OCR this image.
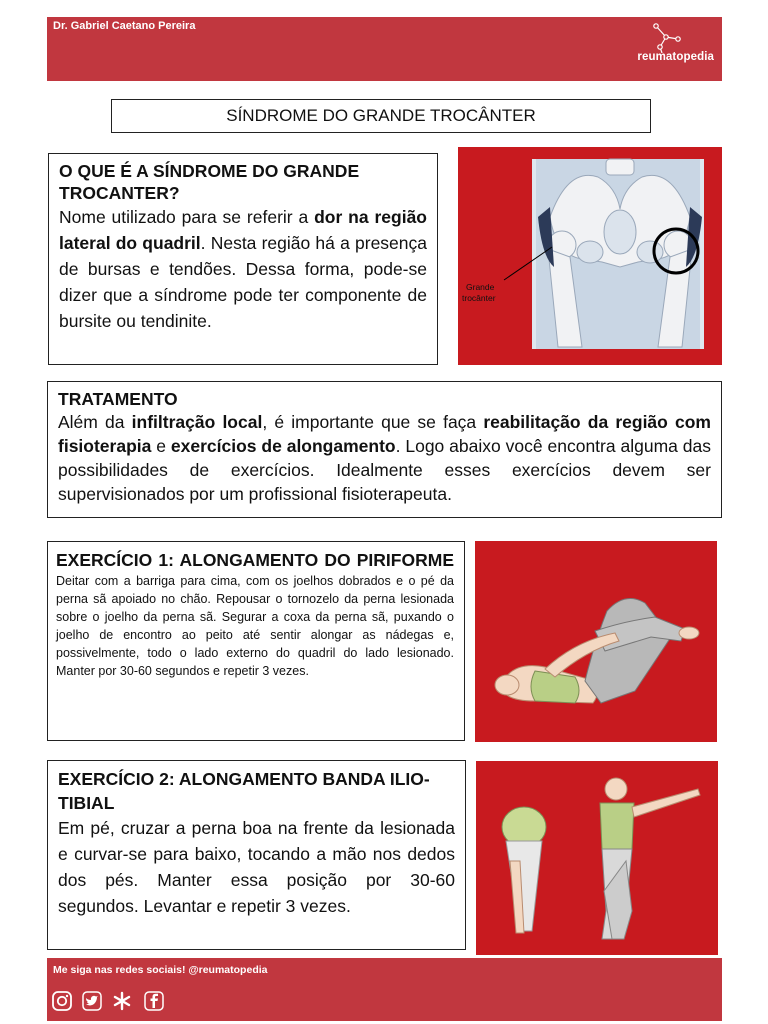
Dr. Gabriel Caetano Pereira
reumatopedia
SÍNDROME DO GRANDE TROCÂNTER
O QUE É A SÍNDROME DO GRANDE TROCANTER?

Nome utilizado para se referir a dor na região lateral do quadril. Nesta região há a presença de bursas e tendões. Dessa forma, pode-se dizer que a síndrome pode ter componente de bursite ou tendinite.

Grande
trocânter
TRATAMENTO

Além da infiltração local, é importante que se faça reabilitação da região com fisioterapia e exercícios de alongamento. Logo abaixo você encontra alguma das possibilidades de exercícios. Idealmente esses exercícios devem ser supervisionados por um profissional fisioterapeuta.

EXERCÍCIO 1: ALONGAMENTO DO PIRIFORME

Deitar com a barriga para cima, com os joelhos dobrados e o pé da perna sã apoiado no chão. Repousar o tornozelo da perna lesionada sobre o joelho da perna sã. Segurar a coxa da perna sã, puxando o joelho de encontro ao peito até sentir alongar as nádegas e, possivelmente, todo o lado externo do quadril do lado lesionado. Manter por 30-60 segundos e repetir 3 vezes.

EXERCÍCIO 2: ALONGAMENTO BANDA ILIO-TIBIAL

Em pé, cruzar a perna boa na frente da lesionada e curvar-se para baixo, tocando a mão nos dedos dos pés. Manter essa posição por 30-60 segundos. Levantar e repetir 3 vezes.

Me siga nas redes sociais! @reumatopedia
